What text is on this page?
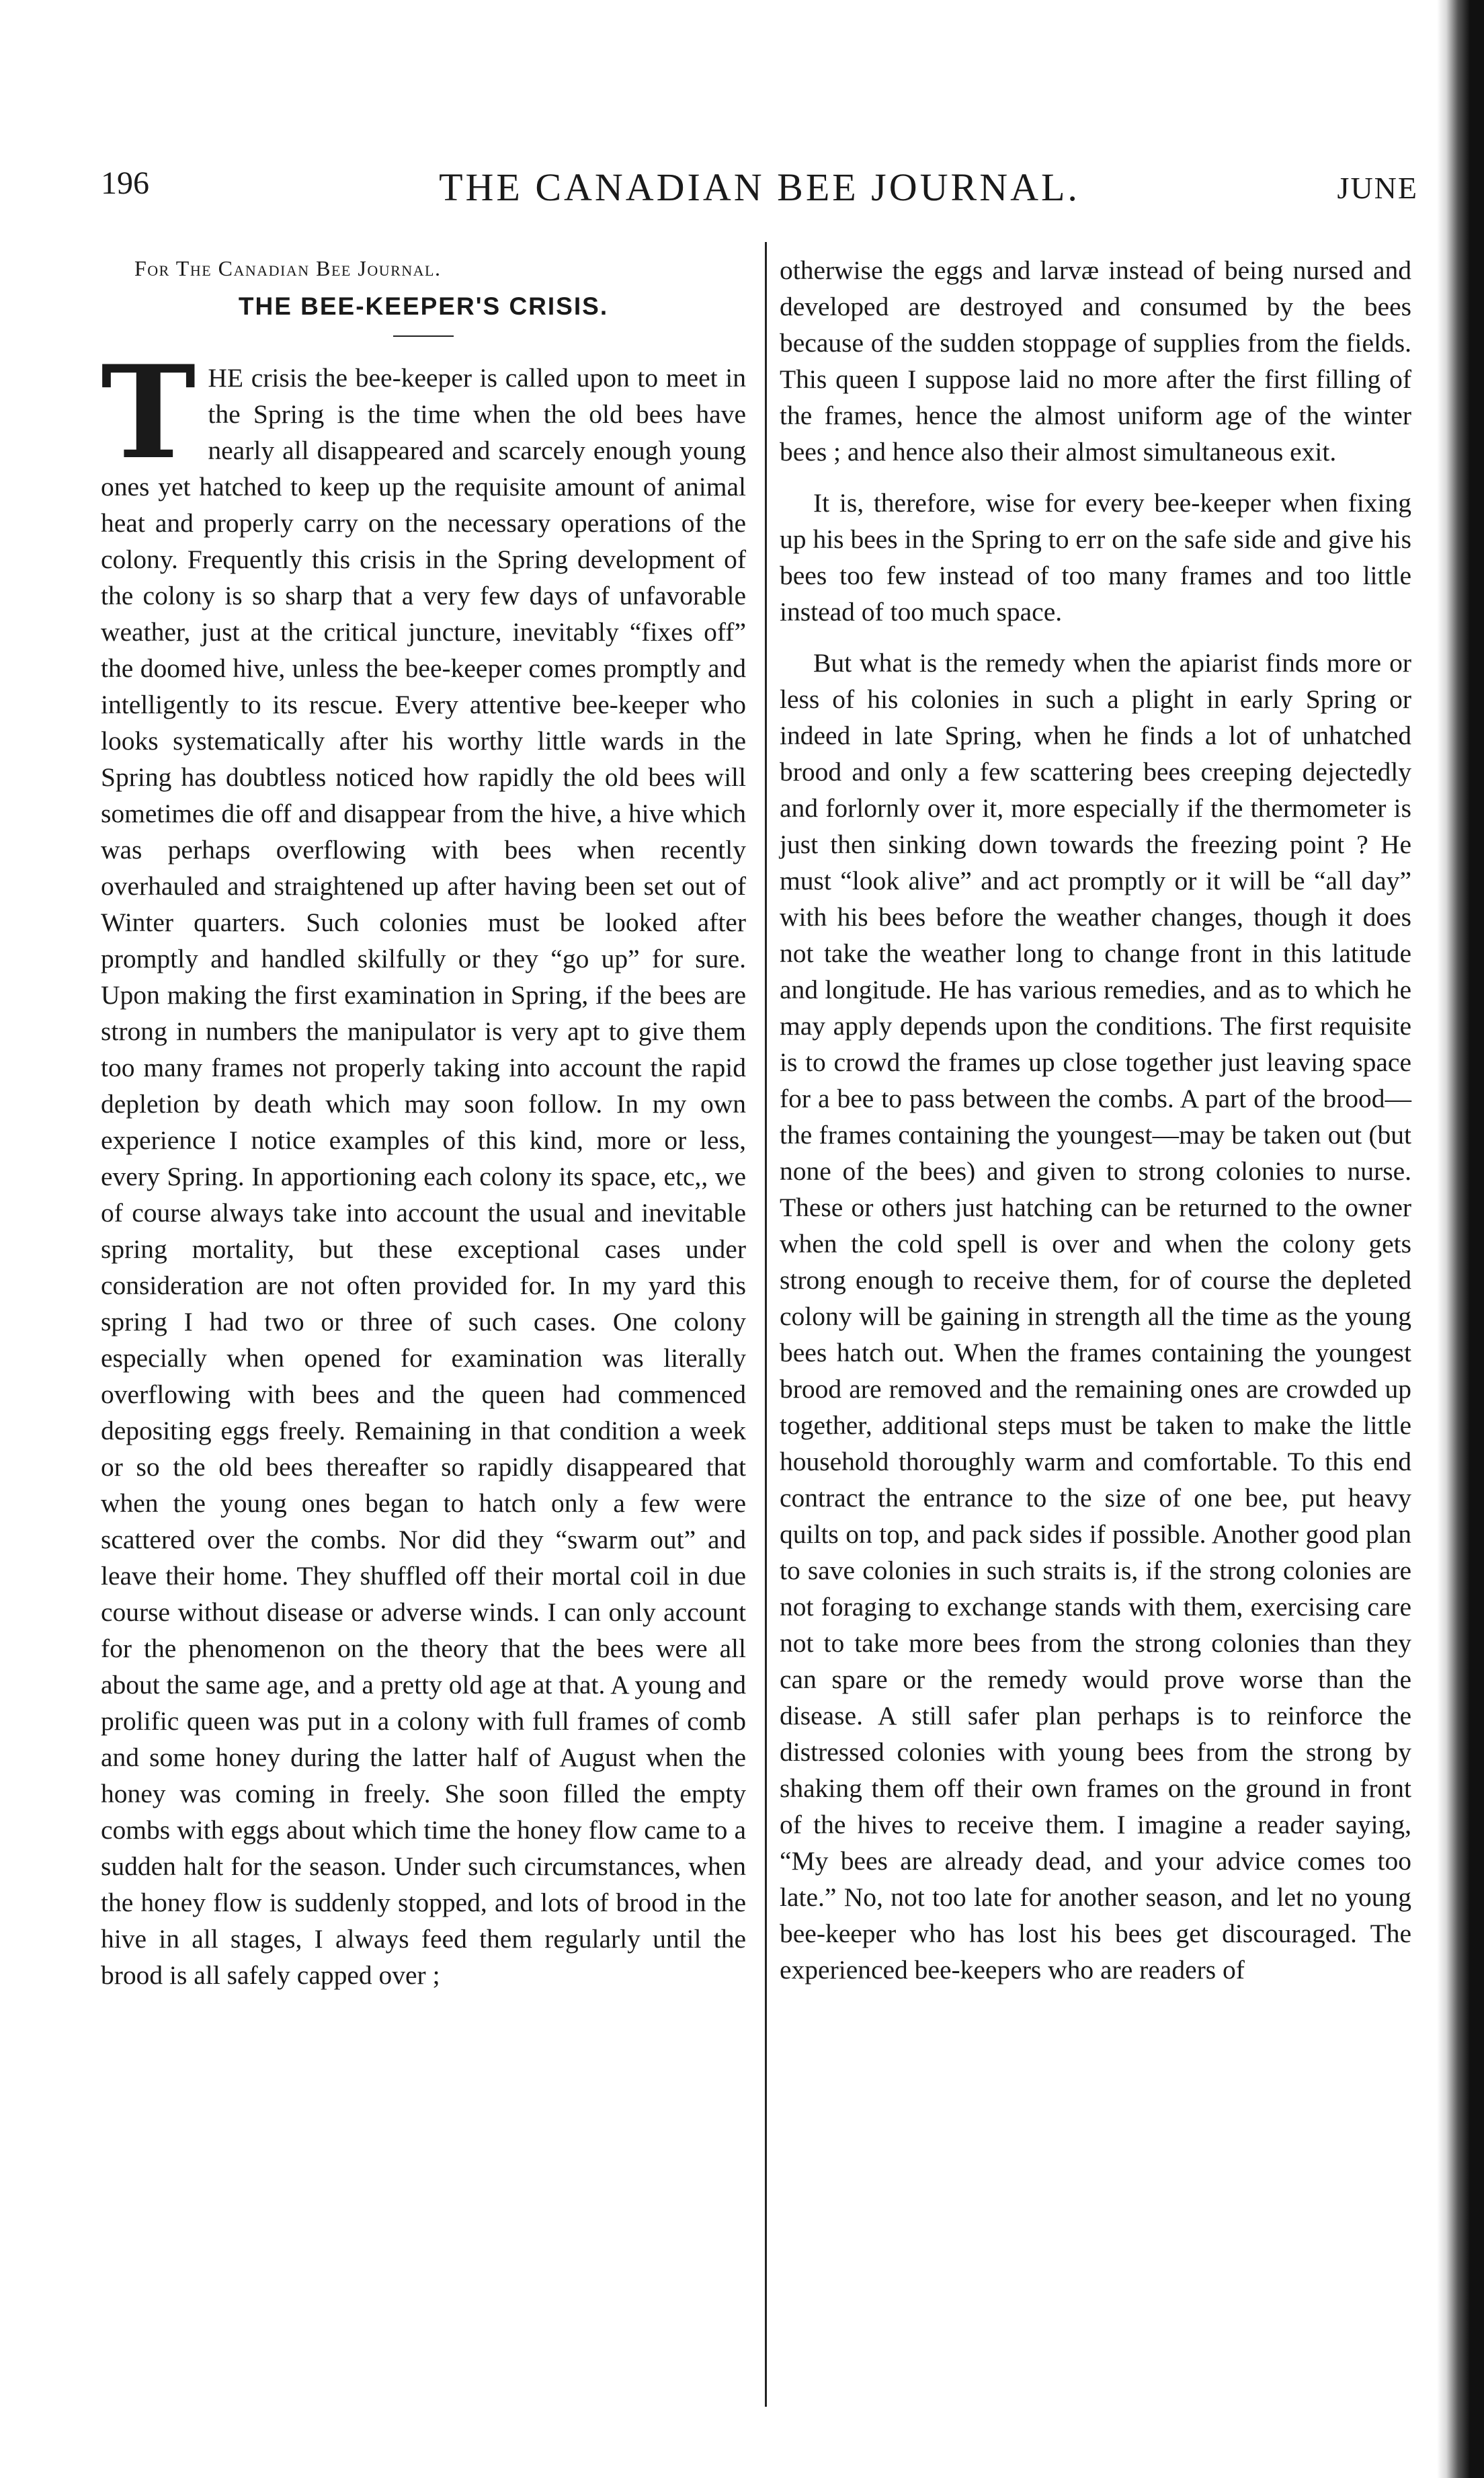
196	THE CANADIAN BEE JOURNAL.	JUNE

For The Canadian Bee Journal.

THE BEE-KEEPER'S CRISIS.

THE crisis the bee-keeper is called upon to meet in the Spring is the time when the old bees have nearly all disappeared and scarcely enough young ones yet hatched to keep up the requisite amount of animal heat and properly carry on the necessary operations of the colony. Frequently this crisis in the Spring development of the colony is so sharp that a very few days of unfavorable weather, just at the critical juncture, inevitably “fixes off” the doomed hive, unless the bee-keeper comes promptly and intelligently to its rescue. Every attentive bee-keeper who looks systematically after his worthy little wards in the Spring has doubtless noticed how rapidly the old bees will sometimes die off and disappear from the hive, a hive which was perhaps overflowing with bees when recently overhauled and straightened up after having been set out of Winter quarters. Such colonies must be looked after promptly and handled skilfully or they “go up” for sure. Upon making the first examination in Spring, if the bees are strong in numbers the manipulator is very apt to give them too many frames not properly taking into account the rapid depletion by death which may soon follow. In my own experience I notice examples of this kind, more or less, every Spring. In apportioning each colony its space, etc,, we of course always take into account the usual and inevitable spring mortality, but these exceptional cases under consideration are not often provided for. In my yard this spring I had two or three of such cases. One colony especially when opened for examination was literally overflowing with bees and the queen had commenced depositing eggs freely. Remaining in that condition a week or so the old bees thereafter so rapidly disappeared that when the young ones began to hatch only a few were scattered over the combs. Nor did they “swarm out” and leave their home. They shuffled off their mortal coil in due course without disease or adverse winds. I can only account for the phenomenon on the theory that the bees were all about the same age, and a pretty old age at that. A young and prolific queen was put in a colony with full frames of comb and some honey during the latter half of August when the honey was coming in freely. She soon filled the empty combs with eggs about which time the honey flow came to a sudden halt for the season. Under such circumstances, when the honey flow is suddenly stopped, and lots of brood in the hive in all stages, I always feed them regularly until the brood is all safely capped over ;

otherwise the eggs and larvæ instead of being nursed and developed are destroyed and consumed by the bees because of the sudden stoppage of supplies from the fields. This queen I suppose laid no more after the first filling of the frames, hence the almost uniform age of the winter bees ; and hence also their almost simultaneous exit.

It is, therefore, wise for every bee-keeper when fixing up his bees in the Spring to err on the safe side and give his bees too few instead of too many frames and too little instead of too much space.

But what is the remedy when the apiarist finds more or less of his colonies in such a plight in early Spring or indeed in late Spring, when he finds a lot of unhatched brood and only a few scattering bees creeping dejectedly and forlornly over it, more especially if the thermometer is just then sinking down towards the freezing point ? He must “look alive” and act promptly or it will be “all day” with his bees before the weather changes, though it does not take the weather long to change front in this latitude and longitude. He has various remedies, and as to which he may apply depends upon the conditions. The first requisite is to crowd the frames up close together just leaving space for a bee to pass between the combs. A part of the brood—the frames containing the youngest—may be taken out (but none of the bees) and given to strong colonies to nurse. These or others just hatching can be returned to the owner when the cold spell is over and when the colony gets strong enough to receive them, for of course the depleted colony will be gaining in strength all the time as the young bees hatch out. When the frames containing the youngest brood are removed and the remaining ones are crowded up together, additional steps must be taken to make the little household thoroughly warm and comfortable. To this end contract the entrance to the size of one bee, put heavy quilts on top, and pack sides if possible. Another good plan to save colonies in such straits is, if the strong colonies are not foraging to exchange stands with them, exercising care not to take more bees from the strong colonies than they can spare or the remedy would prove worse than the disease. A still safer plan perhaps is to reinforce the distressed colonies with young bees from the strong by shaking them off their own frames on the ground in front of the hives to receive them. I imagine a reader saying, “My bees are already dead, and your advice comes too late.” No, not too late for another season, and let no young bee-keeper who has lost his bees get discouraged. The experienced bee-keepers who are readers of
